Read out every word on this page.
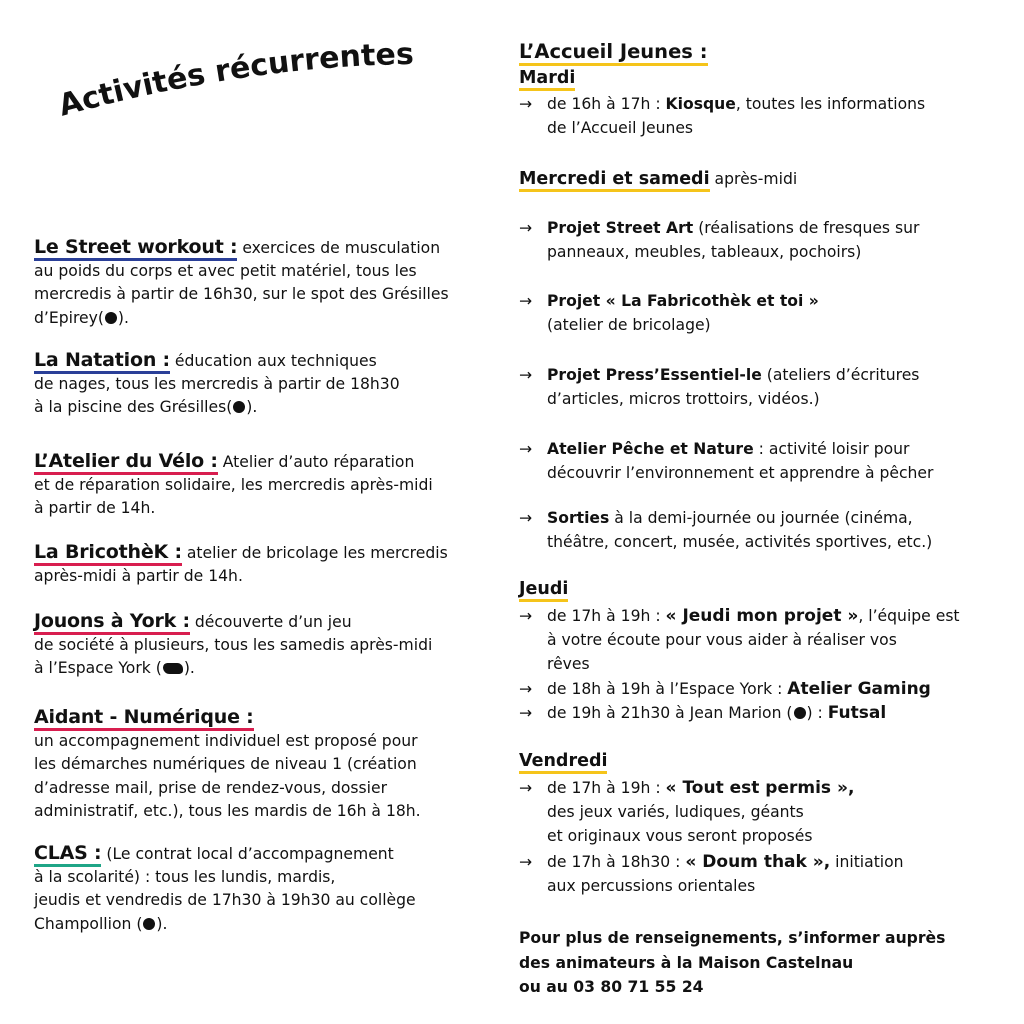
Activités récurrentes
Le Street workout : exercices de musculation
au poids du corps et avec petit matériel, tous les
mercredis à partir de 16h30, sur le spot des Grésilles
d’Epirey( ).
La Natation : éducation aux techniques
de nages, tous les mercredis à partir de 18h30
à la piscine des Grésilles( ).
L’Atelier du Vélo : Atelier d’auto réparation
et de réparation solidaire, les mercredis après-midi
à partir de 14h.
La BricothèK : atelier de bricolage les mercredis
après-midi à partir de 14h.
Jouons à York : découverte d’un jeu
de société à plusieurs, tous les samedis après-midi
à l’Espace York ( ).
Aidant - Numérique :
un accompagnement individuel est proposé pour
les démarches numériques de niveau 1 (création
d’adresse mail, prise de rendez-vous, dossier
administratif, etc.), tous les mardis de 16h à 18h.
CLAS : (Le contrat local d’accompagnement
à la scolarité) : tous les lundis, mardis,
jeudis et vendredis de 17h30 à 19h30 au collège
Champollion ( ).
L’Accueil Jeunes :
Mardi
→ de 16h à 17h : Kiosque, toutes les informations
de l’Accueil Jeunes
Mercredi et samedi après-midi
→ Projet Street Art (réalisations de fresques sur
panneaux, meubles, tableaux, pochoirs)
→ Projet « La Fabricothèk et toi »
(atelier de bricolage)
→ Projet Press’Essentiel-le (ateliers d’écritures
d’articles, micros trottoirs, vidéos.)
→ Atelier Pêche et Nature : activité loisir pour
découvrir l’environnement et apprendre à pêcher
→ Sorties à la demi-journée ou journée (cinéma,
théâtre, concert, musée, activités sportives, etc.)
Jeudi
→ de 17h à 19h : « Jeudi mon projet », l’équipe est
à votre écoute pour vous aider à réaliser vos
rêves
→ de 18h à 19h à l’Espace York : Atelier Gaming
→ de 19h à 21h30 à Jean Marion ( ) : Futsal
Vendredi
→ de 17h à 19h : « Tout est permis »,
des jeux variés, ludiques, géants
et originaux vous seront proposés
→ de 17h à 18h30 : « Doum thak », initiation
aux percussions orientales
Pour plus de renseignements, s’informer auprès
des animateurs à la Maison Castelnau
ou au 03 80 71 55 24
